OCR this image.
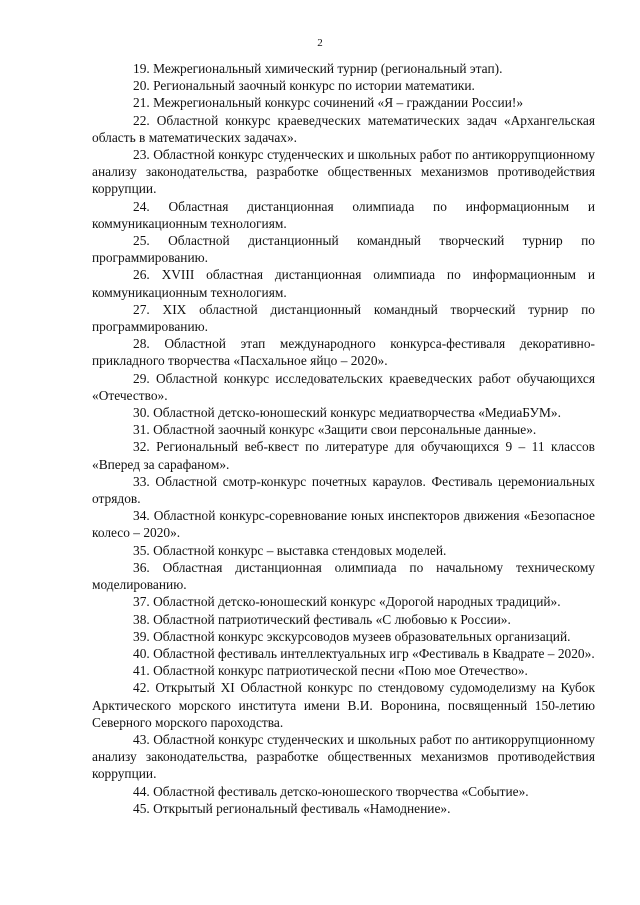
2

19. Межрегиональный химический турнир (региональный этап).

20. Региональный заочный конкурс по истории математики.

21. Межрегиональный конкурс сочинений «Я – граждании России!»

22. Областной конкурс краеведческих математических задач «Архангельская область в математических задачах».

23. Областной конкурс студенческих и школьных работ по антикоррупционному анализу законодательства, разработке общественных механизмов противодействия коррупции.

24. Областная дистанционная олимпиада по информационным и коммуникационным технологиям.

25. Областной дистанционный командный творческий турнир по программированию.

26. XVIII областная дистанционная олимпиада по информационным и коммуникационным технологиям.

27. XIX областной дистанционный командный творческий турнир по программированию.

28. Областной этап международного конкурса-фестиваля декоративно-прикладного творчества «Пасхальное яйцо – 2020».

29. Областной конкурс исследовательских краеведческих работ обучающихся «Отечество».

30. Областной детско-юношеский конкурс медиатворчества «МедиаБУМ».

31. Областной заочный конкурс «Защити свои персональные данные».

32. Региональный веб-квест по литературе для обучающихся 9 – 11 классов «Вперед за сарафаном».

33. Областной смотр-конкурс почетных караулов. Фестиваль церемониальных отрядов.

34. Областной конкурс-соревнование юных инспекторов движения «Безопасное колесо – 2020».

35. Областной конкурс – выставка стендовых моделей.

36. Областная дистанционная олимпиада по начальному техническому моделированию.

37. Областной детско-юношеский конкурс «Дорогой народных традиций».

38. Областной патриотический фестиваль «С любовью к России».

39. Областной конкурс экскурсоводов музеев образовательных организаций.

40. Областной фестиваль интеллектуальных игр «Фестиваль в Квадрате – 2020».

41. Областной конкурс патриотической песни «Пою мое Отечество».

42. Открытый XI Областной конкурс по стендовому судомоделизму на Кубок Арктического морского института имени В.И. Воронина, посвященный 150-летию Северного морского пароходства.

43. Областной конкурс студенческих и школьных работ по антикоррупционному анализу законодательства, разработке общественных механизмов противодействия коррупции.

44. Областной фестиваль детско-юношеского творчества «Событие».

45. Открытый региональный фестиваль «Намоднение».
